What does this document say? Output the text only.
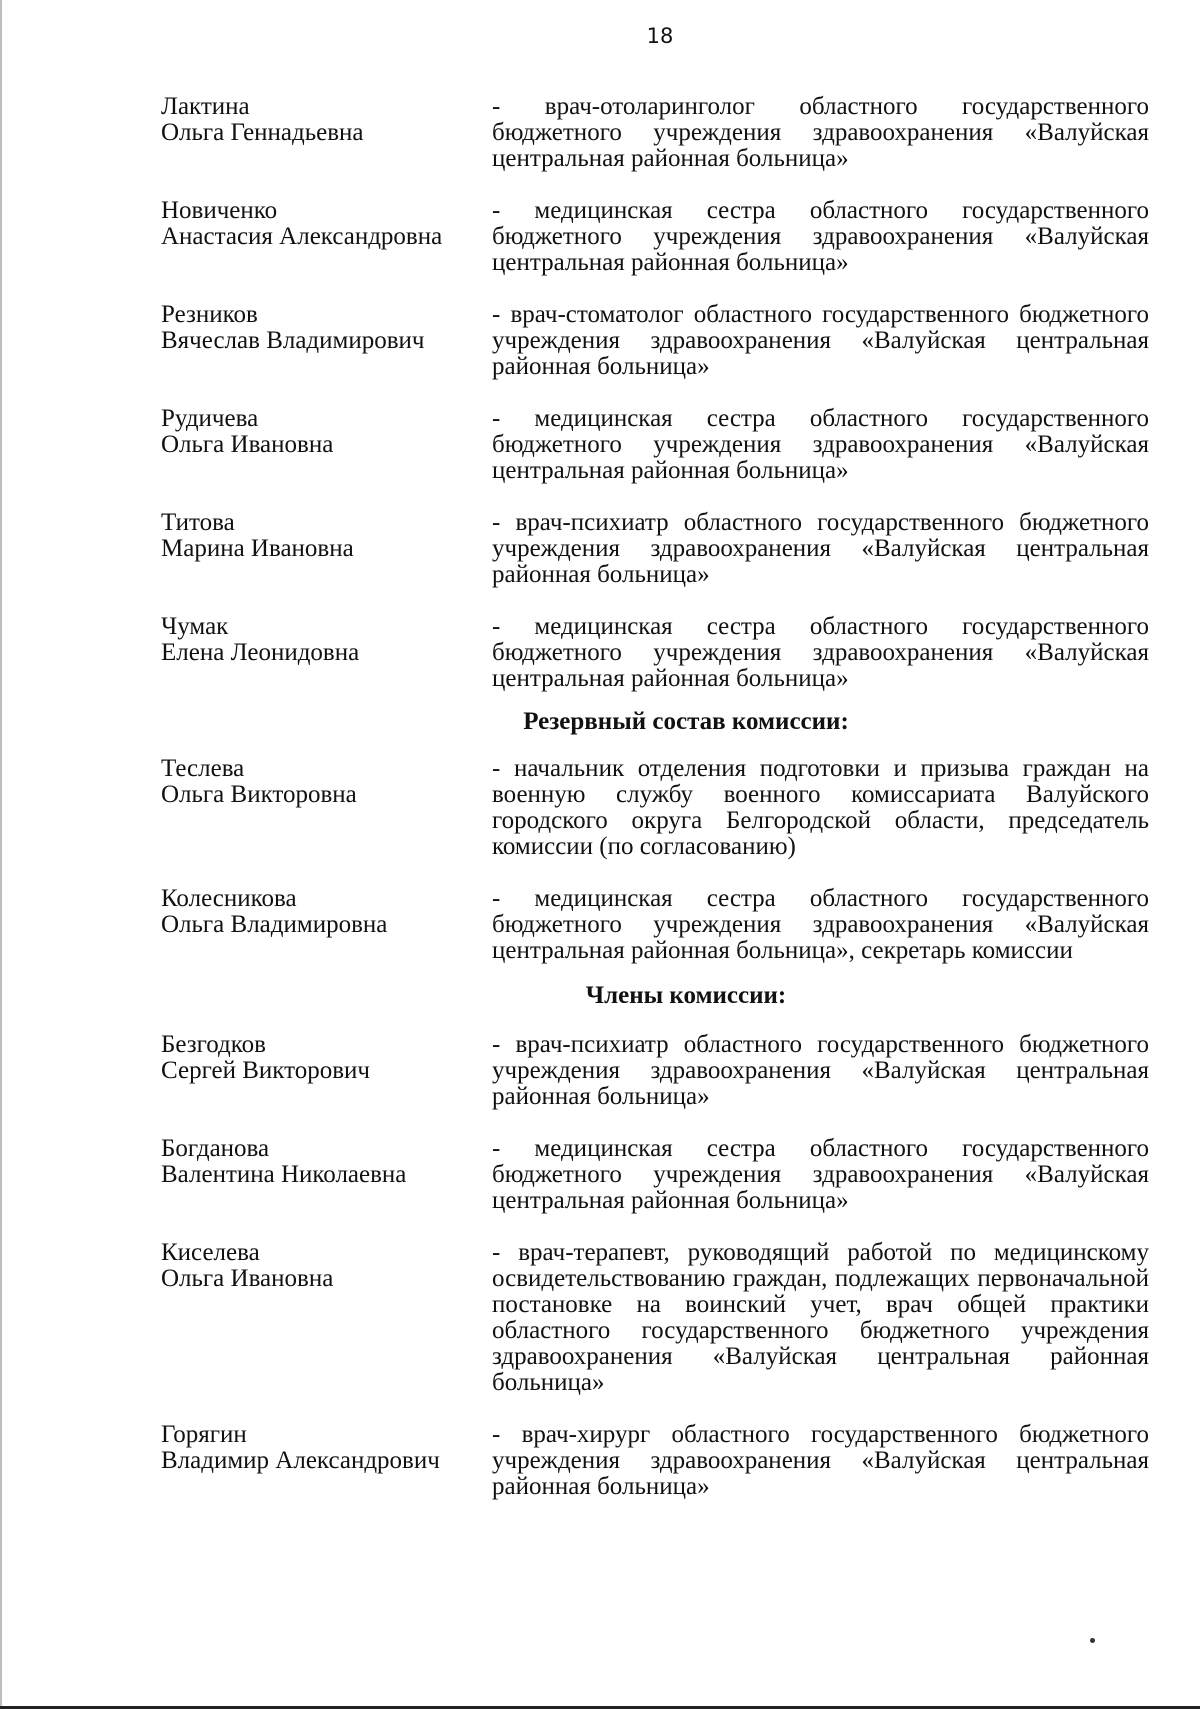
18
Лактина
Ольга Геннадьевна
- врач-отоларинголог областного государственного бюджетного учреждения здравоохранения «Валуйская центральная районная больница»
Новиченко
Анастасия Александровна
- медицинская сестра областного государственного бюджетного учреждения здравоохранения «Валуйская центральная районная больница»
Резников
Вячеслав Владимирович
- врач-стоматолог областного государственного бюджетного учреждения здравоохранения «Валуйская центральная районная больница»
Рудичева
Ольга Ивановна
- медицинская сестра областного государственного бюджетного учреждения здравоохранения «Валуйская центральная районная больница»
Титова
Марина Ивановна
- врач-психиатр областного государственного бюджетного учреждения здравоохранения «Валуйская центральная районная больница»
Чумак
Елена Леонидовна
- медицинская сестра областного государственного бюджетного учреждения здравоохранения «Валуйская центральная районная больница»
Резервный состав комиссии:
Теслева
Ольга Викторовна
- начальник отделения подготовки и призыва граждан на военную службу военного комиссариата Валуйского городского округа Белгородской области, председатель комиссии (по согласованию)
Колесникова
Ольга Владимировна
- медицинская сестра областного государственного бюджетного учреждения здравоохранения «Валуйская центральная районная больница», секретарь комиссии
Члены комиссии:
Безгодков
Сергей Викторович
- врач-психиатр областного государственного бюджетного учреждения здравоохранения «Валуйская центральная районная больница»
Богданова
Валентина Николаевна
- медицинская сестра областного государственного бюджетного учреждения здравоохранения «Валуйская центральная районная больница»
Киселева
Ольга Ивановна
- врач-терапевт, руководящий работой по медицинскому освидетельствованию граждан, подлежащих первоначальной постановке на воинский учет, врач общей практики областного государственного бюджетного учреждения здравоохранения «Валуйская центральная районная больница»
Горягин
Владимир Александрович
- врач-хирург областного государственного бюджетного учреждения здравоохранения «Валуйская центральная районная больница»
